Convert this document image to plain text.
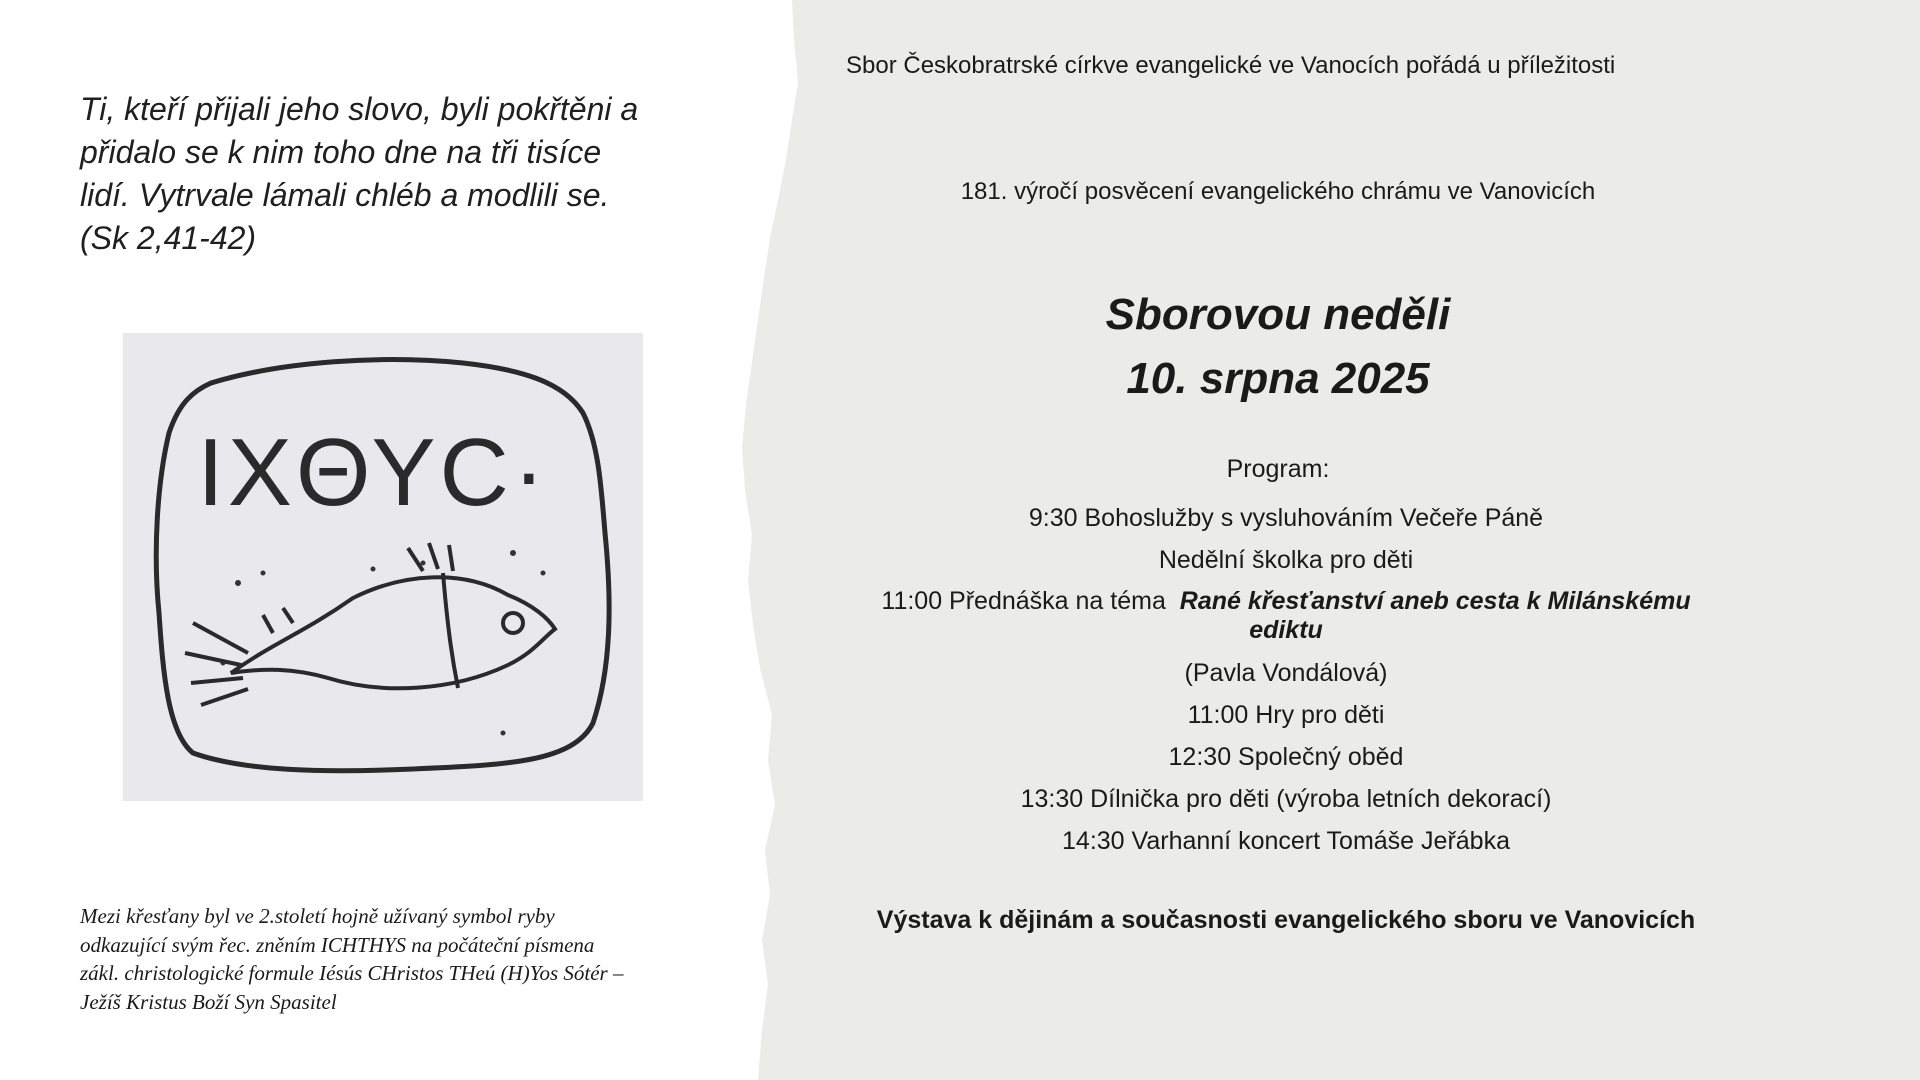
Ti, kteří přijali jeho slovo, byli pokřtěni a
přidalo se k nim toho dne na tři tisíce
lidí. Vytrvale lámali chléb a modlili se.
(Sk 2,41-42)
ΙΧΘΥϹ·
Mezi křesťany byl ve 2.století hojně užívaný symbol ryby
odkazující svým řec. zněním ICHTHYS na počáteční písmena
zákl. christologické formule Iésús CHristos THeú (H)Yos Sótér –
Ježíš Kristus Boží Syn Spasitel
Sbor Českobratrské církve evangelické ve Vanocích pořádá u příležitosti
181. výročí posvěcení evangelického chrámu ve Vanovicích
Sborovou neděli
10. srpna 2025
Program:
9:30 Bohoslužby s vysluhováním Večeře Páně
Nedělní školka pro děti
11:00 Přednáška na téma Rané křesťanství aneb cesta k Milánskému
ediktu
(Pavla Vondálová)
11:00 Hry pro děti
12:30 Společný oběd
13:30 Dílnička pro děti (výroba letních dekorací)
14:30 Varhanní koncert Tomáše Jeřábka
Výstava k dějinám a současnosti evangelického sboru ve Vanovicích
